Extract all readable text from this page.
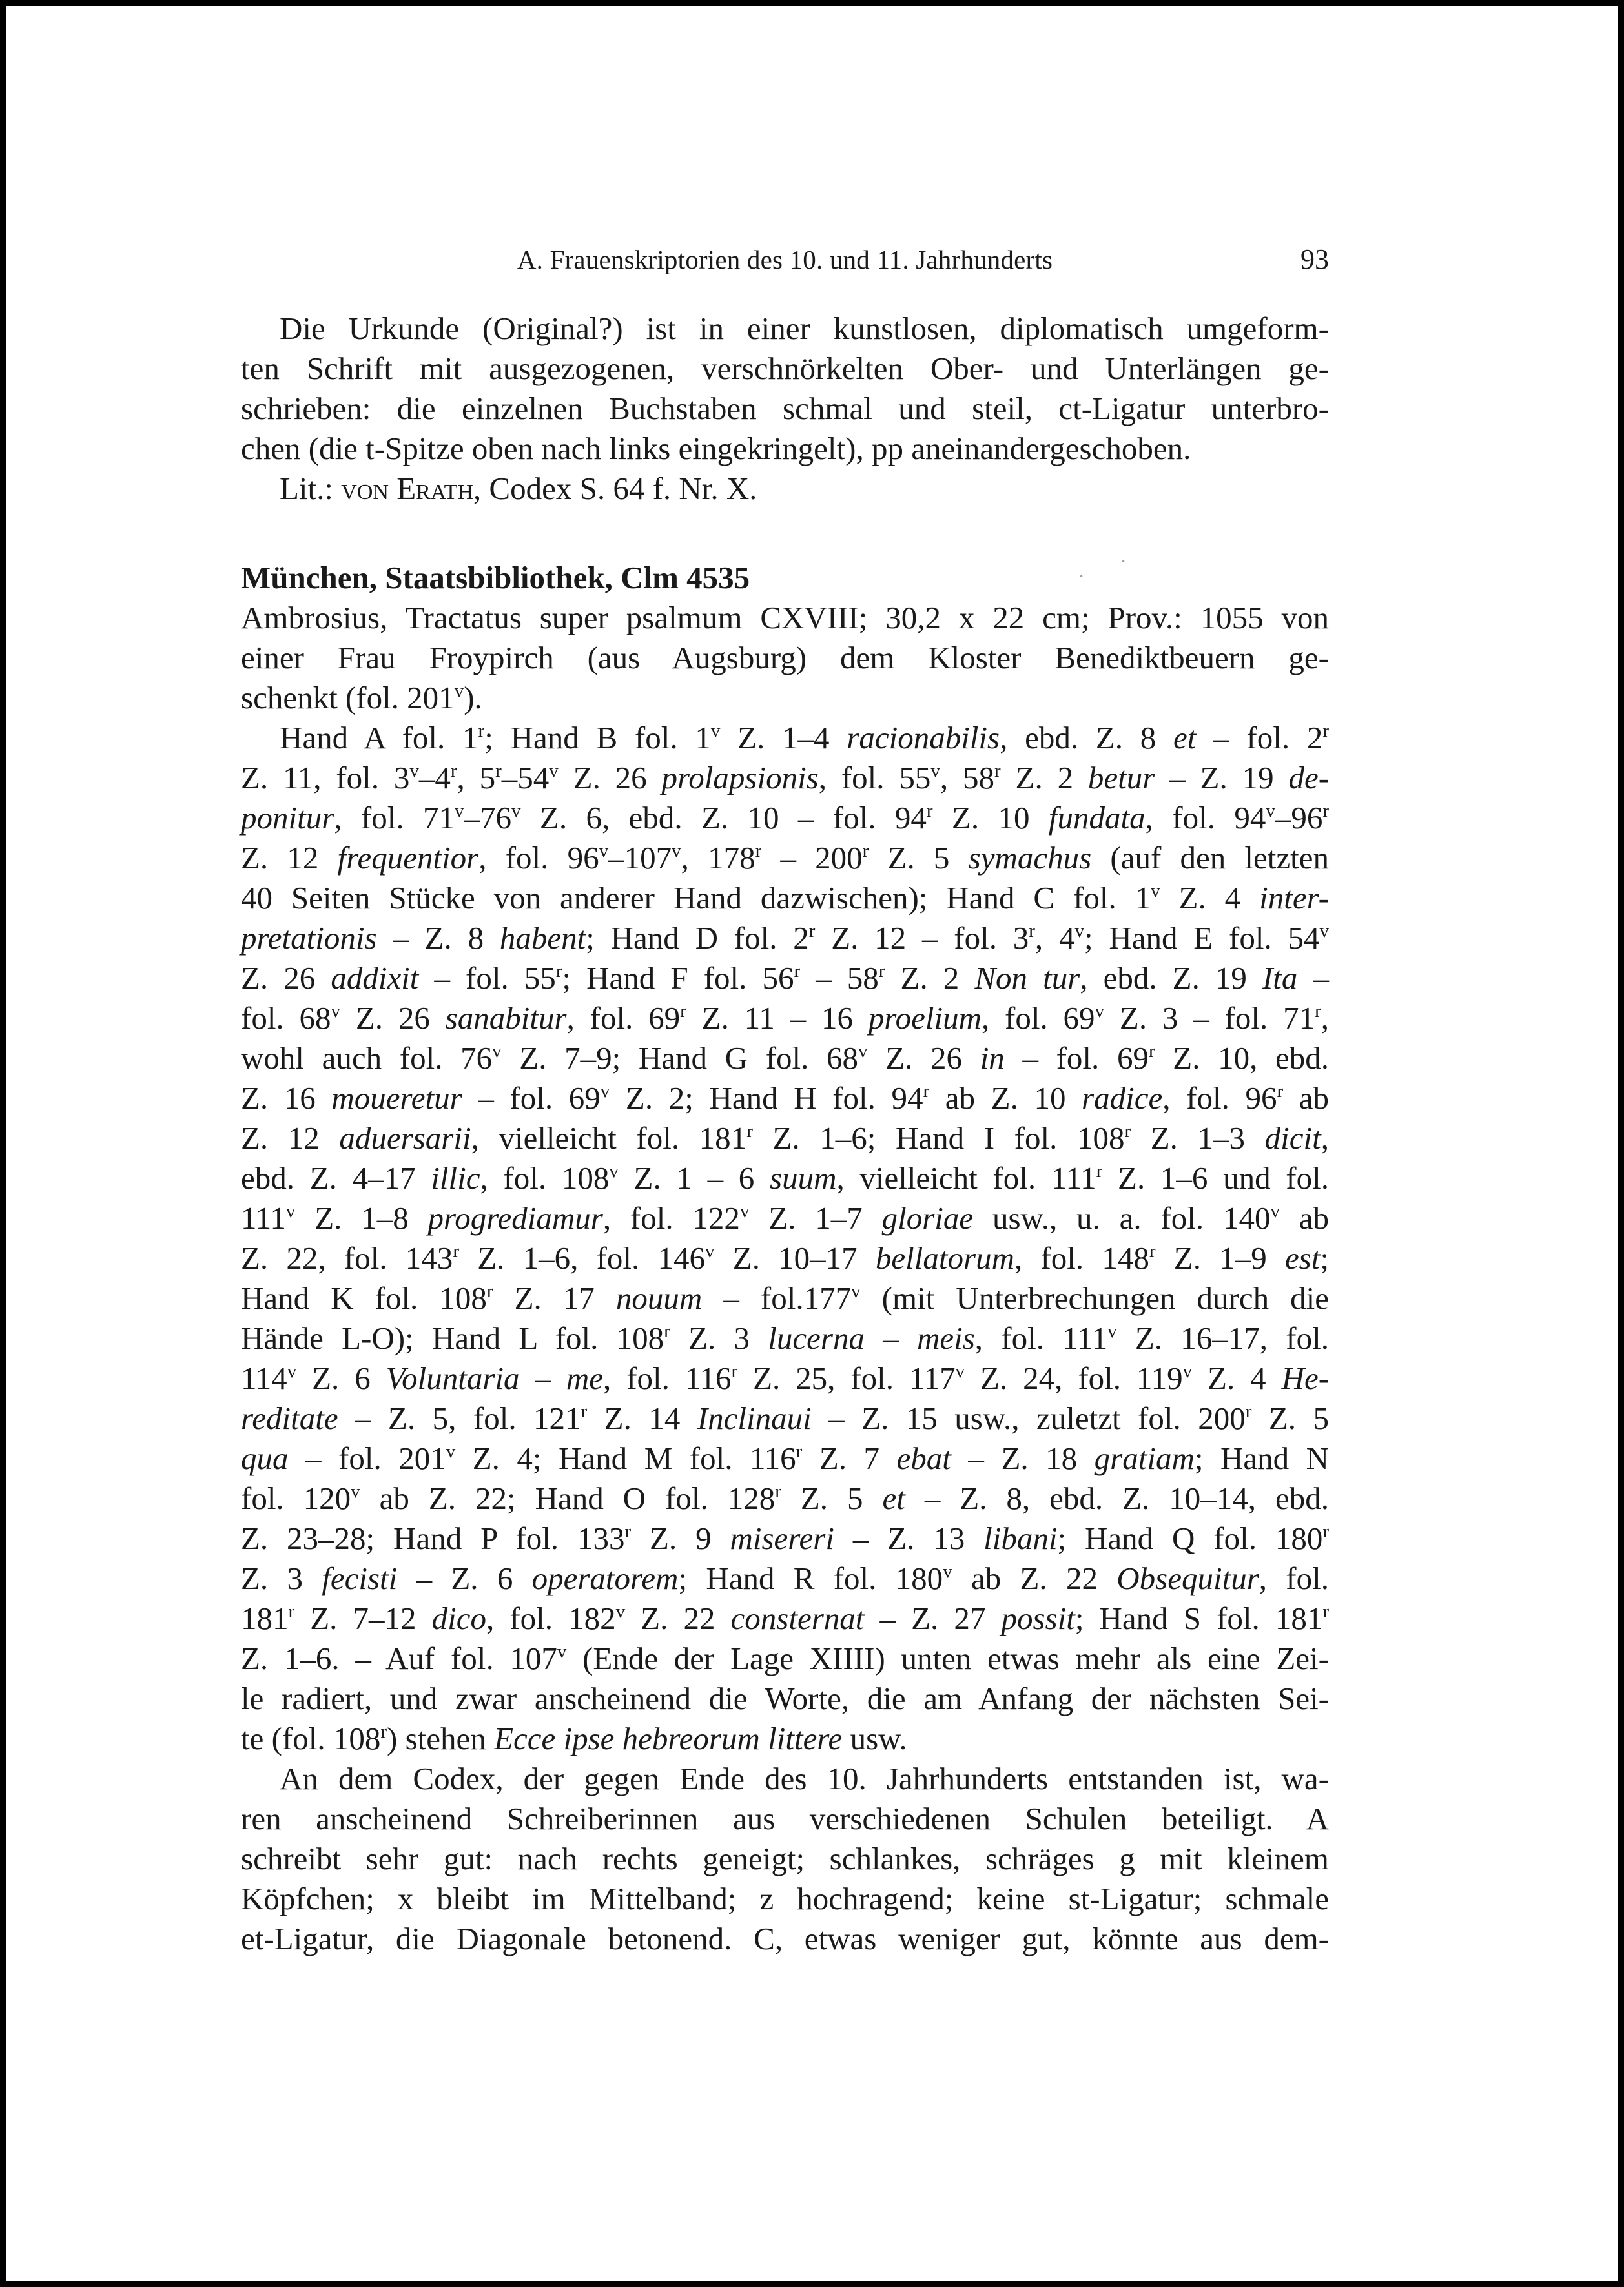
A. Frauenskriptorien des 10. und 11. Jahrhunderts	93
Die Urkunde (Original?) ist in einer kunstlosen, diplomatisch umgeform-
ten Schrift mit ausgezogenen, verschnörkelten Ober- und Unterlängen ge-
schrieben: die einzelnen Buchstaben schmal und steil, ct-Ligatur unterbro-
chen (die t-Spitze oben nach links eingekringelt), pp aneinandergeschoben.
Lit.: von Erath, Codex S. 64 f. Nr. X.
München, Staatsbibliothek, Clm 4535
Ambrosius, Tractatus super psalmum CXVIII; 30,2 x 22 cm; Prov.: 1055 von
einer Frau Froypirch (aus Augsburg) dem Kloster Benediktbeuern ge-
schenkt (fol. 201$^v$).
Hand A fol. 1$^r$; Hand B fol. 1$^v$ Z. 1–4 racionabilis, ebd. Z. 8 et – fol. 2$^r$
Z. 11, fol. 3$^v$–4$^r$, 5$^r$–54$^v$ Z. 26 prolapsionis, fol. 55$^v$, 58$^r$ Z. 2 betur – Z. 19 de-
ponitur, fol. 71$^v$–76$^v$ Z. 6, ebd. Z. 10 – fol. 94$^r$ Z. 10 fundata, fol. 94$^v$–96$^r$
Z. 12 frequentior, fol. 96$^v$–107$^v$, 178$^r$ – 200$^r$ Z. 5 symachus (auf den letzten
40 Seiten Stücke von anderer Hand dazwischen); Hand C fol. 1$^v$ Z. 4 inter-
pretationis – Z. 8 habent; Hand D fol. 2$^r$ Z. 12 – fol. 3$^r$, 4$^v$; Hand E fol. 54$^v$
Z. 26 addixit – fol. 55$^r$; Hand F fol. 56$^r$ – 58$^r$ Z. 2 Non tur, ebd. Z. 19 Ita –
fol. 68$^v$ Z. 26 sanabitur, fol. 69$^r$ Z. 11 – 16 proelium, fol. 69$^v$ Z. 3 – fol. 71$^r$,
wohl auch fol. 76$^v$ Z. 7–9; Hand G fol. 68$^v$ Z. 26 in – fol. 69$^r$ Z. 10, ebd.
Z. 16 moueretur – fol. 69$^v$ Z. 2; Hand H fol. 94$^r$ ab Z. 10 radice, fol. 96$^r$ ab
Z. 12 aduersarii, vielleicht fol. 181$^r$ Z. 1–6; Hand I fol. 108$^r$ Z. 1–3 dicit,
ebd. Z. 4–17 illic, fol. 108$^v$ Z. 1 – 6 suum, vielleicht fol. 111$^r$ Z. 1–6 und fol.
111$^v$ Z. 1–8 progrediamur, fol. 122$^v$ Z. 1–7 gloriae usw., u. a. fol. 140$^v$ ab
Z. 22, fol. 143$^r$ Z. 1–6, fol. 146$^v$ Z. 10–17 bellatorum, fol. 148$^r$ Z. 1–9 est;
Hand K fol. 108$^r$ Z. 17 nouum – fol.177$^v$ (mit Unterbrechungen durch die
Hände L-O); Hand L fol. 108$^r$ Z. 3 lucerna – meis, fol. 111$^v$ Z. 16–17, fol.
114$^v$ Z. 6 Voluntaria – me, fol. 116$^r$ Z. 25, fol. 117$^v$ Z. 24, fol. 119$^v$ Z. 4 He-
reditate – Z. 5, fol. 121$^r$ Z. 14 Inclinaui – Z. 15 usw., zuletzt fol. 200$^r$ Z. 5
qua – fol. 201$^v$ Z. 4; Hand M fol. 116$^r$ Z. 7 ebat – Z. 18 gratiam; Hand N
fol. 120$^v$ ab Z. 22; Hand O fol. 128$^r$ Z. 5 et – Z. 8, ebd. Z. 10–14, ebd.
Z. 23–28; Hand P fol. 133$^r$ Z. 9 misereri – Z. 13 libani; Hand Q fol. 180$^r$
Z. 3 fecisti – Z. 6 operatorem; Hand R fol. 180$^v$ ab Z. 22 Obsequitur, fol.
181$^r$ Z. 7–12 dico, fol. 182$^v$ Z. 22 consternat – Z. 27 possit; Hand S fol. 181$^r$
Z. 1–6. – Auf fol. 107$^v$ (Ende der Lage XIIII) unten etwas mehr als eine Zei-
le radiert, und zwar anscheinend die Worte, die am Anfang der nächsten Sei-
te (fol. 108$^r$) stehen Ecce ipse hebreorum littere usw.
An dem Codex, der gegen Ende des 10. Jahrhunderts entstanden ist, wa-
ren anscheinend Schreiberinnen aus verschiedenen Schulen beteiligt. A
schreibt sehr gut: nach rechts geneigt; schlankes, schräges g mit kleinem
Köpfchen; x bleibt im Mittelband; z hochragend; keine st-Ligatur; schmale
et-Ligatur, die Diagonale betonend. C, etwas weniger gut, könnte aus dem-
·
·
